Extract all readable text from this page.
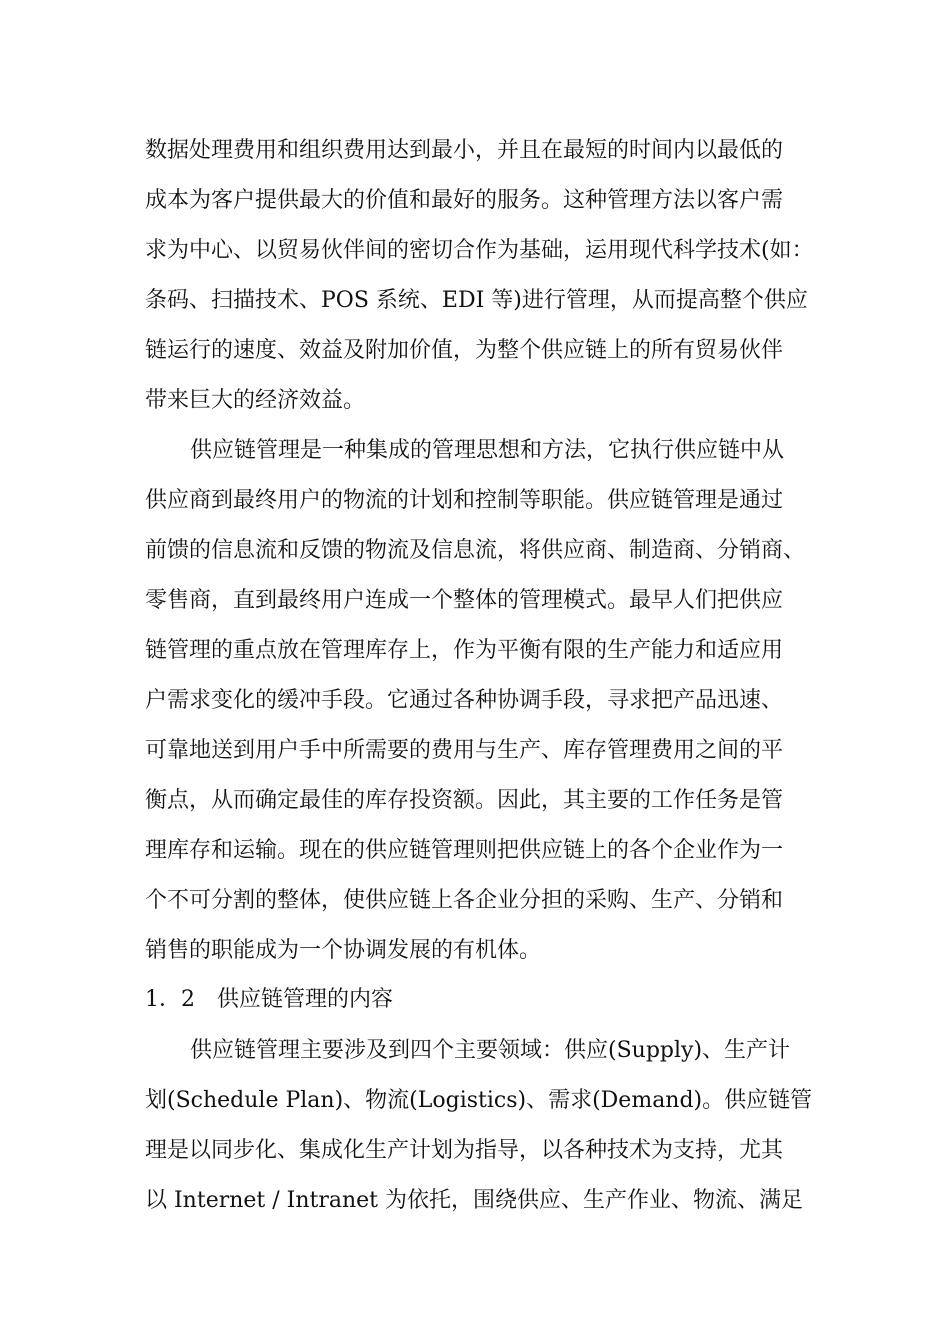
数据处理费用和组织费用达到最小，并且在最短的时间内以最低的
成本为客户提供最大的价值和最好的服务。这种管理方法以客户需
求为中心、以贸易伙伴间的密切合作为基础，运用现代科学技术(如：
条码、扫描技术、POS 系统、EDI 等)进行管理，从而提高整个供应
链运行的速度、效益及附加价值，为整个供应链上的所有贸易伙伴
带来巨大的经济效益。
供应链管理是一种集成的管理思想和方法，它执行供应链中从
供应商到最终用户的物流的计划和控制等职能。供应链管理是通过
前馈的信息流和反馈的物流及信息流，将供应商、制造商、分销商、
零售商，直到最终用户连成一个整体的管理模式。最早人们把供应
链管理的重点放在管理库存上，作为平衡有限的生产能力和适应用
户需求变化的缓冲手段。它通过各种协调手段，寻求把产品迅速、
可靠地送到用户手中所需要的费用与生产、库存管理费用之间的平
衡点，从而确定最佳的库存投资额。因此，其主要的工作任务是管
理库存和运输。现在的供应链管理则把供应链上的各个企业作为一
个不可分割的整体，使供应链上各企业分担的采购、生产、分销和
销售的职能成为一个协调发展的有机体。
1．2　供应链管理的内容
供应链管理主要涉及到四个主要领域：供应(Supply)、生产计
划(Schedule Plan)、物流(Logistics)、需求(Demand)。供应链管
理是以同步化、集成化生产计划为指导，以各种技术为支持，尤其
以 Internet / Intranet 为依托，围绕供应、生产作业、物流、满足
